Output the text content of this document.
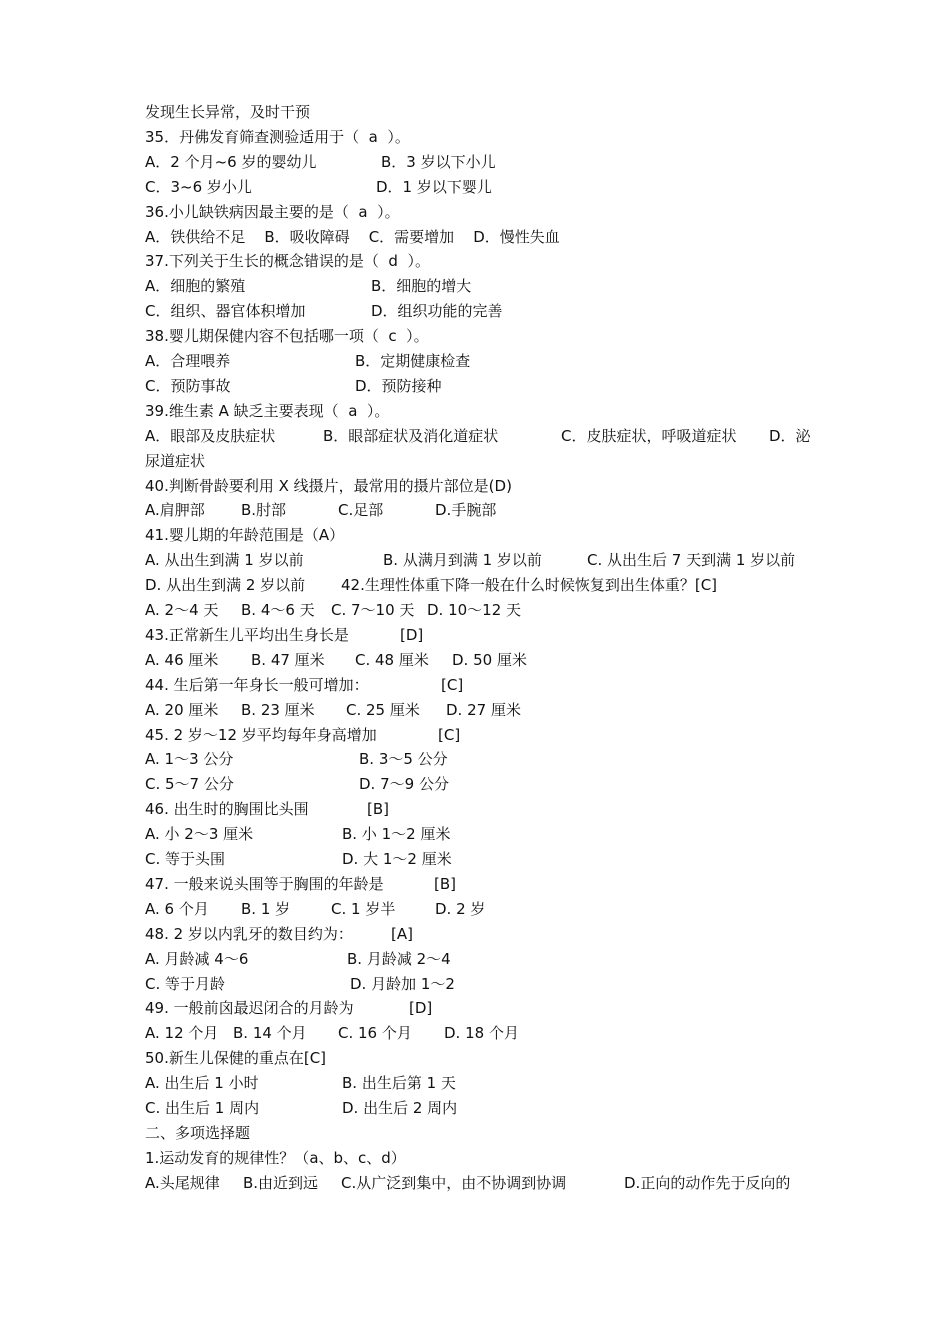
发现生长异常，及时干预
35．丹佛发育筛查测验适用于（  a  ）。
A．2 个月~6 岁的婴幼儿	B．3 岁以下小儿
C．3~6 岁小儿	D．1 岁以下婴儿
36.小儿缺铁病因最主要的是（  a  ）。
A．铁供给不足    B．吸收障碍    C．需要增加    D．慢性失血
37.下列关于生长的概念错误的是（  d  ）。
A．细胞的繁殖	B．细胞的增大
C．组织、器官体积增加	D．组织功能的完善
38.婴儿期保健内容不包括哪一项（  c  ）。
A．合理喂养	B．定期健康检查
C．预防事故	D．预防接种
39.维生素 A 缺乏主要表现（  a  ）。
A．眼部及皮肤症状	B．眼部症状及消化道症状	C．皮肤症状，呼吸道症状 D．泌
尿道症状
40.判断骨龄要利用 X 线摄片，最常用的摄片部位是(D)
A.肩胛部 B.肘部	C.足部	D.手腕部
41.婴儿期的年龄范围是（A）
A. 从出生到满 1 岁以前	B. 从满月到满 1 岁以前	C. 从出生后 7 天到满 1 岁以前
D. 从出生到满 2 岁以前 42.生理性体重下降一般在什么时候恢复到出生体重？[C]
A. 2～4 天 B. 4～6 天 C. 7～10 天 D. 10～12 天
43.正常新生儿平均出生身长是	[D]
A. 46 厘米 B. 47 厘米 C. 48 厘米 D. 50 厘米
44. 生后第一年身长一般可增加：	[C]
A. 20 厘米 B. 23 厘米 C. 25 厘米 D. 27 厘米
45. 2 岁～12 岁平均每年身高增加	[C]
A. 1～3 公分	B. 3～5 公分
C. 5～7 公分	D. 7～9 公分
46. 出生时的胸围比头围	[B]
A. 小 2～3 厘米	B. 小 1～2 厘米
C. 等于头围	D. 大 1～2 厘米
47. 一般来说头围等于胸围的年龄是	[B]
A. 6 个月 B. 1 岁	C. 1 岁半	D. 2 岁
48. 2 岁以内乳牙的数目约为：	[A]
A. 月龄减 4～6	B. 月龄减 2～4
C. 等于月龄	D. 月龄加 1～2
49. 一般前囟最迟闭合的月龄为	[D]
A. 12 个月 B. 14 个月 C. 16 个月 D. 18 个月
50.新生儿保健的重点在[C]
A. 出生后 1 小时	B. 出生后第 1 天
C. 出生后 1 周内	D. 出生后 2 周内
二、多项选择题
1.运动发育的规律性？（a、b、c、d）
A.头尾规律 B.由近到远 C.从广泛到集中，由不协调到协调	D.正向的动作先于反向的
